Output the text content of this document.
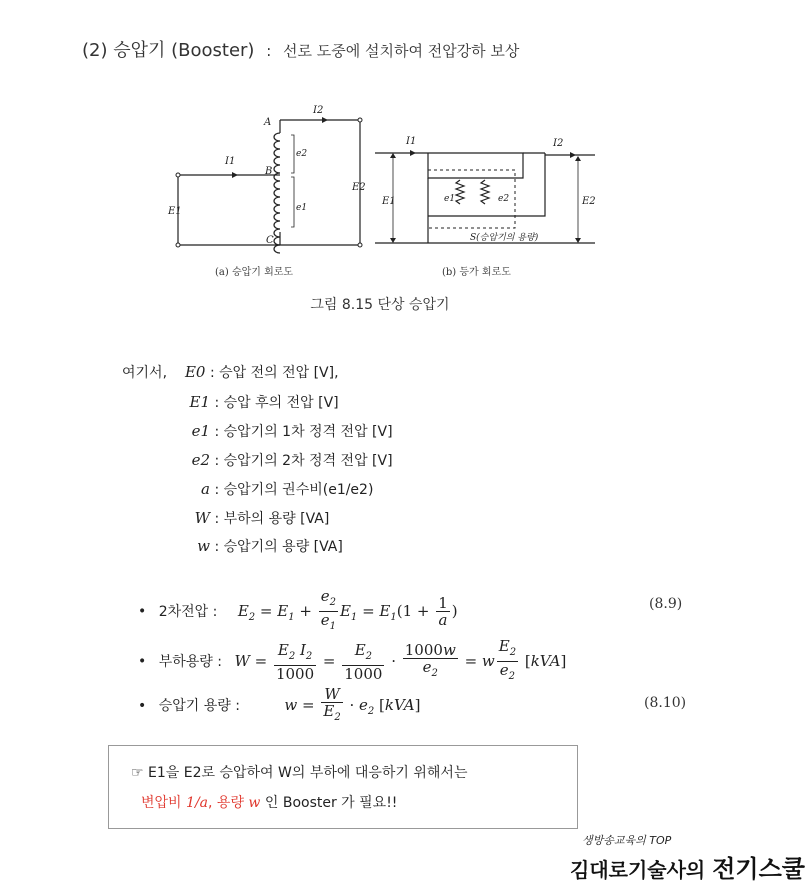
(2) 승압기 (Booster) : 선로 도중에 설치하여 전압강하 보상
A
B
C
I1
I2
e2
e1
E2
E1
(a) 승압기 회로도
I1	I2
E1	E2
e1	e2
S(승압기의 용량)
(b) 등가 회로도
그림 8.15 단상 승압기
여기서, E0 : 승압 전의 전압 [V],
E1 : 승압 후의 전압 [V]
e1 : 승압기의 1차 정격 전압 [V]
e2 : 승압기의 2차 정격 전압 [V]
a : 승압기의 권수비(e1/e2)
W : 부하의 용량 [VA]
w : 승압기의 용량 [VA]
• 2차전압 : $E_2 = E_1 + \frac{e_2}{e_1} E_1 = E_1(1 + \frac{1}{a}$ )	(8.9)
• 부하용량 : $W = \frac{E_2 I_2}{1000} = \frac{E_2}{1000} \cdot \frac{1000w}{e_2} = w \frac{E_2}{e_2} [kVA]$
• 승압기 용량 :	$w = \frac{W}{E_2} \cdot e_2$ [kVA]	(8.10)
☞ E1을 E2로 승압하여 W의 부하에 대응하기 위해서는
변압비 1/a, 용량 w 인 Booster 가 필요!!
생방송교육의 TOP
김대로기술사의 전기스쿨
